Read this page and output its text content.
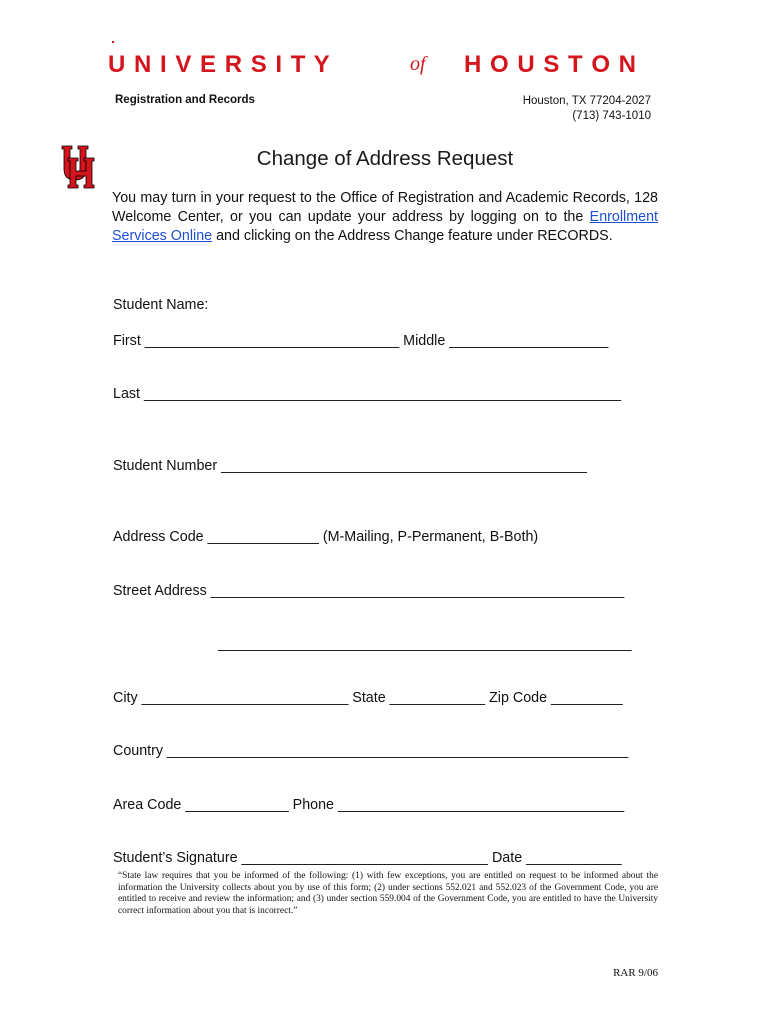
U N I V E R S I T Y	of H O U S T O N
Registration and Records	Houston, TX 77204-2027
(713) 743-1010
Change of Address Request
You may turn in your request to the Office of Registration and Academic Records, 128 Welcome Center, or you can update your address by logging on to the Enrollment Services Online and clicking on the Address Change feature under RECORDS.
Student Name:
First ________________________________ Middle ____________________
Last ____________________________________________________________
Student Number ______________________________________________
Address Code ______________ (M-Mailing, P-Permanent, B-Both)
Street Address ____________________________________________________
____________________________________________________
City __________________________ State ____________ Zip Code _________
Country __________________________________________________________
Area Code _____________ Phone ____________________________________
Student’s Signature _______________________________ Date ____________
“State law requires that you be informed of the following: (1) with few exceptions, you are entitled on request to be informed about the information the University collects about you by use of this form; (2) under sections 552.021 and 552.023 of the Government Code, you are entitled to receive and review the information; and (3) under section 559.004 of the Government Code, you are entitled to have the University correct information about you that is incorrect.”
RAR 9/06
